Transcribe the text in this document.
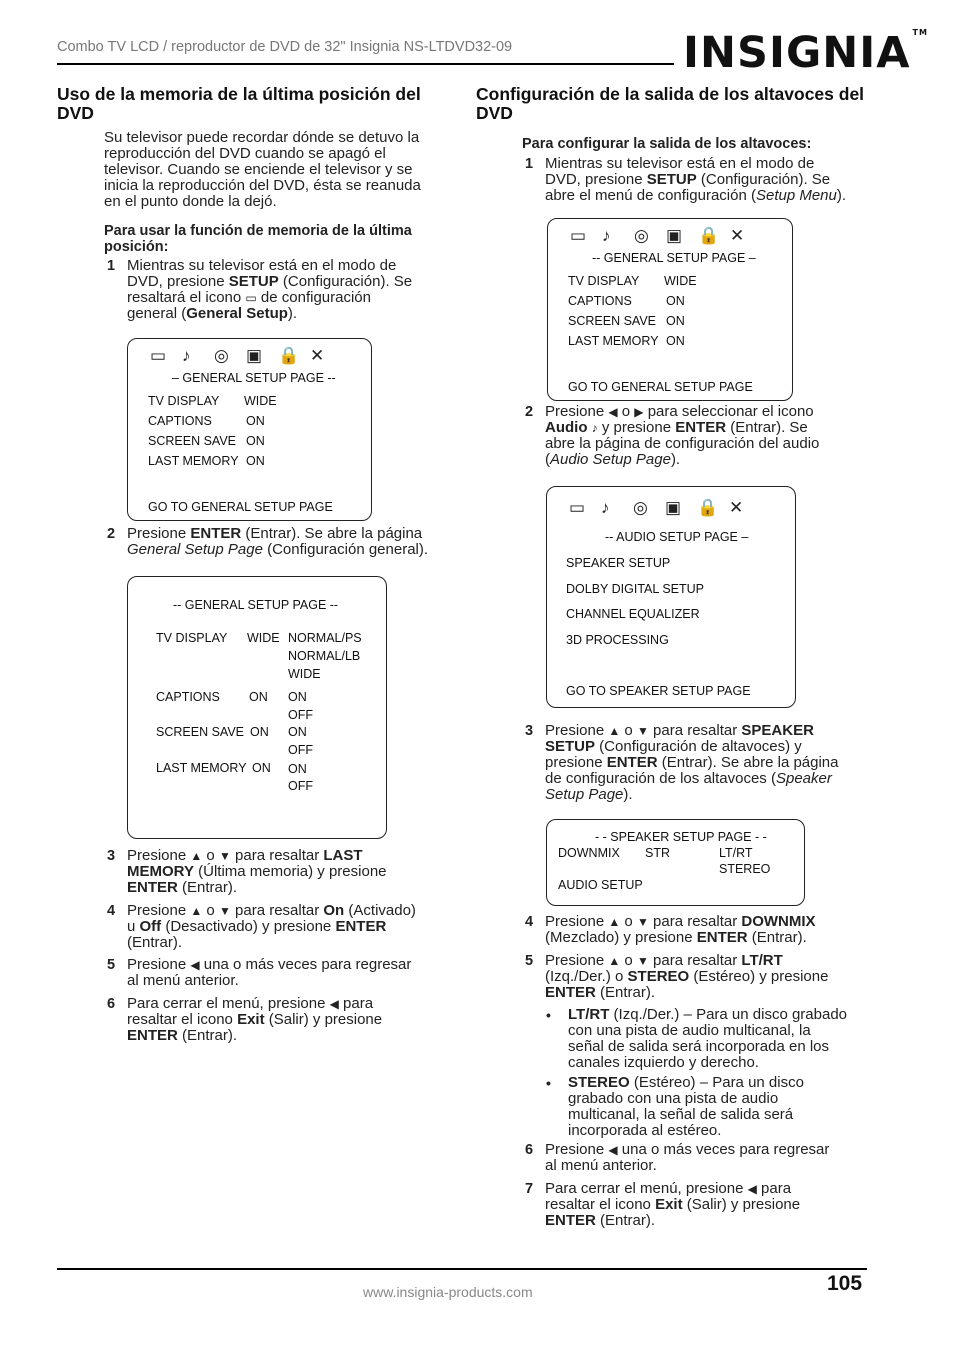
Combo TV LCD / reproductor de DVD de 32" Insignia NS-LTDVD32-09	INSIGNIA ™
Uso de la memoria de la última posición del DVD
Su televisor puede recordar dónde se detuvo la
reproducción del DVD cuando se apagó el
televisor. Cuando se enciende el televisor y se
inicia la reproducción del DVD, ésta se reanuda
en el punto donde la dejó.
Para usar la función de memoria de la última
posición:
1 Mientras su televisor está en el modo de
DVD, presione SETUP (Configuración). Se
resaltará el icono ▭ de configuración
general (General Setup).
▭ ♪	◎	▣ 🔒 ✕
– GENERAL SETUP PAGE --
TV DISPLAY WIDE
CAPTIONS	ON
SCREEN SAVE ON
LAST MEMORY ON
GO TO GENERAL SETUP PAGE
2 Presione ENTER (Entrar). Se abre la página
General Setup Page (Configuración general).
-- GENERAL SETUP PAGE --
TV DISPLAY WIDE NORMAL/PS
NORMAL/LB
WIDE
CAPTIONS ON ON
OFF
SCREEN SAVE ON ON
OFF
LAST MEMORY ON ON
OFF
3 Presione ▲ o ▼ para resaltar LAST
MEMORY (Última memoria) y presione
ENTER (Entrar).
4 Presione ▲ o ▼ para resaltar On (Activado)
u Off (Desactivado) y presione ENTER
(Entrar).
5 Presione ◀ una o más veces para regresar
al menú anterior.
6 Para cerrar el menú, presione ◀ para
resaltar el icono Exit (Salir) y presione
ENTER (Entrar).
Configuración de la salida de los altavoces del DVD
Para configurar la salida de los altavoces:
1 Mientras su televisor está en el modo de
DVD, presione SETUP (Configuración). Se
abre el menú de configuración (Setup Menu).
▭ ♪	◎	▣ 🔒 ✕
-- GENERAL SETUP PAGE –
TV DISPLAY WIDE
CAPTIONS	ON
SCREEN SAVE ON
LAST MEMORY ON
GO TO GENERAL SETUP PAGE
2 Presione ◀ o ▶ para seleccionar el icono
Audio ♪ y presione ENTER (Entrar). Se
abre la página de configuración del audio
(Audio Setup Page).
▭ ♪	◎	▣ 🔒 ✕
-- AUDIO SETUP PAGE –
SPEAKER SETUP
DOLBY DIGITAL SETUP
CHANNEL EQUALIZER
3D PROCESSING
GO TO SPEAKER SETUP PAGE
3 Presione ▲ o ▼ para resaltar SPEAKER
SETUP (Configuración de altavoces) y
presione ENTER (Entrar). Se abre la página
de configuración de los altavoces (Speaker
Setup Page).
- - SPEAKER SETUP PAGE - -
DOWNMIX STR	LT/RT
STEREO
AUDIO SETUP
4 Presione ▲ o ▼ para resaltar DOWNMIX
(Mezclado) y presione ENTER (Entrar).
5 Presione ▲ o ▼ para resaltar LT/RT
(Izq./Der.) o STEREO (Estéreo) y presione
ENTER (Entrar).
• LT/RT (Izq./Der.) – Para un disco grabado
con una pista de audio multicanal, la
señal de salida será incorporada en los
canales izquierdo y derecho.
• STEREO (Estéreo) – Para un disco
grabado con una pista de audio
multicanal, la señal de salida será
incorporada al estéreo.
6 Presione ◀ una o más veces para regresar
al menú anterior.
7 Para cerrar el menú, presione ◀ para
resaltar el icono Exit (Salir) y presione
ENTER (Entrar).
www.insignia-products.com	105
